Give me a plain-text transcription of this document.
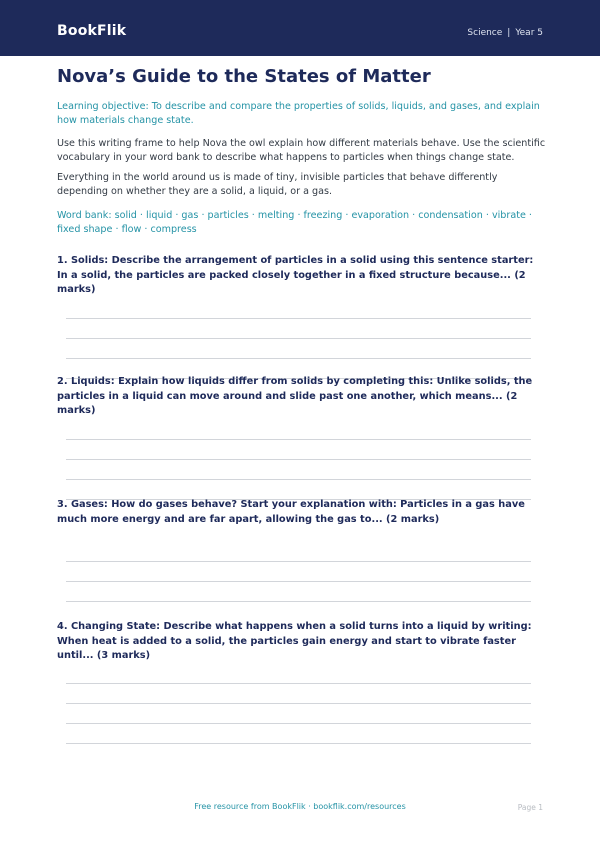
BookFlik	Science | Year 5
Nova’s Guide to the States of Matter

Learning objective: To describe and compare the properties of solids, liquids, and gases, and explain how materials change state.

Use this writing frame to help Nova the owl explain how different materials behave. Use the scientific vocabulary in your word bank to describe what happens to particles when things change state.

Everything in the world around us is made of tiny, invisible particles that behave differently depending on whether they are a solid, a liquid, or a gas.

Word bank: solid · liquid · gas · particles · melting · freezing · evaporation · condensation · vibrate · fixed shape · flow · compress

1. Solids: Describe the arrangement of particles in a solid using this sentence starter: In a solid, the particles are packed closely together in a fixed structure because... (2 marks)

2. Liquids: Explain how liquids differ from solids by completing this: Unlike solids, the particles in a liquid can move around and slide past one another, which means... (2 marks)

3. Gases: How do gases behave? Start your explanation with: Particles in a gas have much more energy and are far apart, allowing the gas to... (2 marks)

4. Changing State: Describe what happens when a solid turns into a liquid by writing: When heat is added to a solid, the particles gain energy and start to vibrate faster until... (3 marks)

Free resource from BookFlik · bookflik.com/resources	Page 1
